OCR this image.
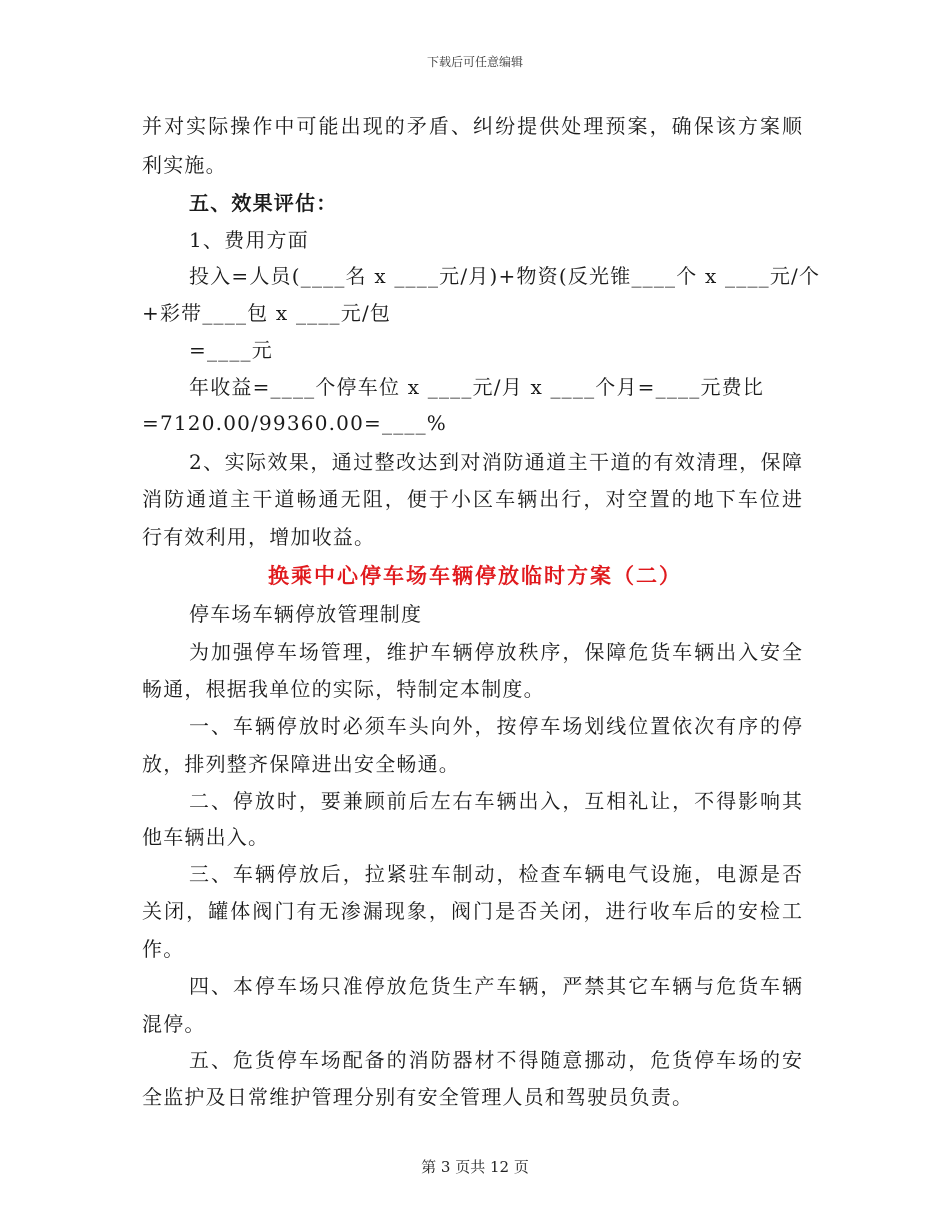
下载后可任意编辑
并对实际操作中可能出现的矛盾、纠纷提供处理预案，确保该方案顺
利实施。
五、效果评估：
1、费用方面
投入=人员(____名 x ____元/月)+物资(反光锥____个 x ____元/个
+彩带____包 x ____元/包
=____元
年收益=____个停车位 x ____元/月 x ____个月=____元费比
=7120.00/99360.00=____%
2、实际效果，通过整改达到对消防通道主干道的有效清理，保障
消防通道主干道畅通无阻，便于小区车辆出行，对空置的地下车位进
行有效利用，增加收益。
换乘中心停车场车辆停放临时方案（二）
停车场车辆停放管理制度
为加强停车场管理，维护车辆停放秩序，保障危货车辆出入安全
畅通，根据我单位的实际，特制定本制度。
一、车辆停放时必须车头向外，按停车场划线位置依次有序的停
放，排列整齐保障进出安全畅通。
二、停放时，要兼顾前后左右车辆出入，互相礼让，不得影响其
他车辆出入。
三、车辆停放后，拉紧驻车制动，检查车辆电气设施，电源是否
关闭，罐体阀门有无渗漏现象，阀门是否关闭，进行收车后的安检工
作。
四、本停车场只准停放危货生产车辆，严禁其它车辆与危货车辆
混停。
五、危货停车场配备的消防器材不得随意挪动，危货停车场的安
全监护及日常维护管理分别有安全管理人员和驾驶员负责。
第 3 页共 12 页
